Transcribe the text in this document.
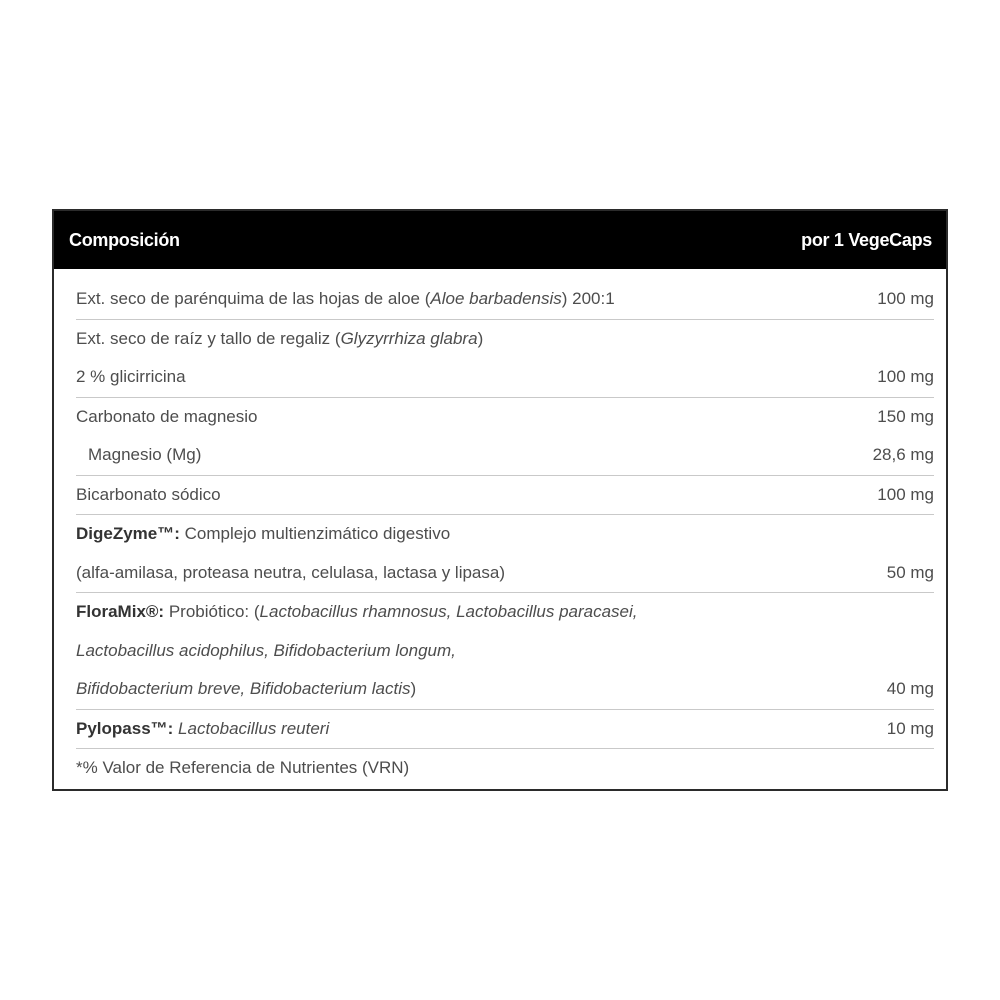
Composición	por 1 VegeCaps
Ext. seco de parénquima de las hojas de aloe (Aloe barbadensis) 200:1	100 mg
Ext. seco de raíz y tallo de regaliz (Glyzyrrhiza glabra)
2 % glicirricina	100 mg
Carbonato de magnesio	150 mg
Magnesio (Mg)	28,6 mg
Bicarbonato sódico	100 mg
DigeZyme™: Complejo multienzimático digestivo
(alfa-amilasa, proteasa neutra, celulasa, lactasa y lipasa)	50 mg
FloraMix®: Probiótico: (Lactobacillus rhamnosus, Lactobacillus paracasei,
Lactobacillus acidophilus, Bifidobacterium longum,
Bifidobacterium breve, Bifidobacterium lactis)	40 mg
Pylopass™: Lactobacillus reuteri	10 mg
*% Valor de Referencia de Nutrientes (VRN)
